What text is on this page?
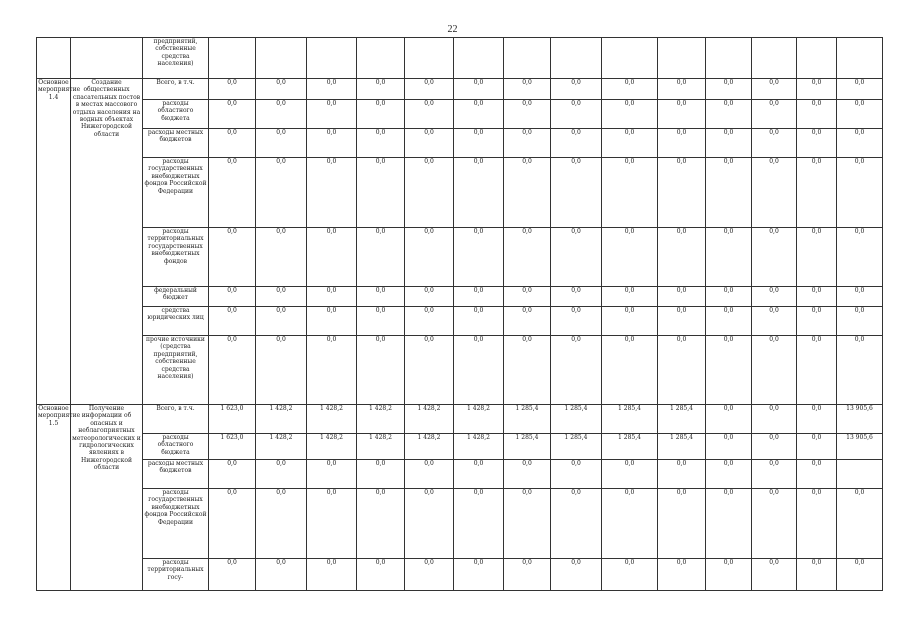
22
		предприятий, собственные средства населения)														
Основное мероприятие 1.4	Создание общественных спасательных постов в местах массового отдыха населения на водных объектах Нижегородской области	Всего, в т.ч.	0,0	0,0	0,0	0,0	0,0	0,0	0,0	0,0	0,0	0,0	0,0	0,0	0,0	0,0
		расходы областного бюджета	0,0	0,0	0,0	0,0	0,0	0,0	0,0	0,0	0,0	0,0	0,0	0,0	0,0	0,0
		расходы местных бюджетов	0,0	0,0	0,0	0,0	0,0	0,0	0,0	0,0	0,0	0,0	0,0	0,0	0,0	0,0
		расходы государственных внебюджетных фондов Российской Федерации	0,0	0,0	0,0	0,0	0,0	0,0	0,0	0,0	0,0	0,0	0,0	0,0	0,0	0,0
		расходы территориальных государственных внебюджетных фондов	0,0	0,0	0,0	0,0	0,0	0,0	0,0	0,0	0,0	0,0	0,0	0,0	0,0	0,0
		федеральный бюджет	0,0	0,0	0,0	0,0	0,0	0,0	0,0	0,0	0,0	0,0	0,0	0,0	0,0	0,0
		средства юридических лиц	0,0	0,0	0,0	0,0	0,0	0,0	0,0	0,0	0,0	0,0	0,0	0,0	0,0	0,0
		прочие источники (средства предприятий, собственные средства населения)	0,0	0,0	0,0	0,0	0,0	0,0	0,0	0,0	0,0	0,0	0,0	0,0	0,0	0,0
Основное мероприятие 1.5	Получение информации об опасных и неблагоприятных метеорологических и гидрологических явлениях в Нижегородской области	Всего, в т.ч.	1 623,0	1 428,2	1 428,2	1 428,2	1 428,2	1 428,2	1 285,4	1 285,4	1 285,4	1 285,4	0,0	0,0	0,0	13 905,6
		расходы областного бюджета	1 623,0	1 428,2	1 428,2	1 428,2	1 428,2	1 428,2	1 285,4	1 285,4	1 285,4	1 285,4	0,0	0,0	0,0	13 905,6
		расходы местных бюджетов	0,0	0,0	0,0	0,0	0,0	0,0	0,0	0,0	0,0	0,0	0,0	0,0	0,0	
		расходы государственных внебюджетных фондов Российской Федерации	0,0	0,0	0,0	0,0	0,0	0,0	0,0	0,0	0,0	0,0	0,0	0,0	0,0	0,0
		расходы территориальных госу-	0,0	0,0	0,0	0,0	0,0	0,0	0,0	0,0	0,0	0,0	0,0	0,0	0,0	0,0
